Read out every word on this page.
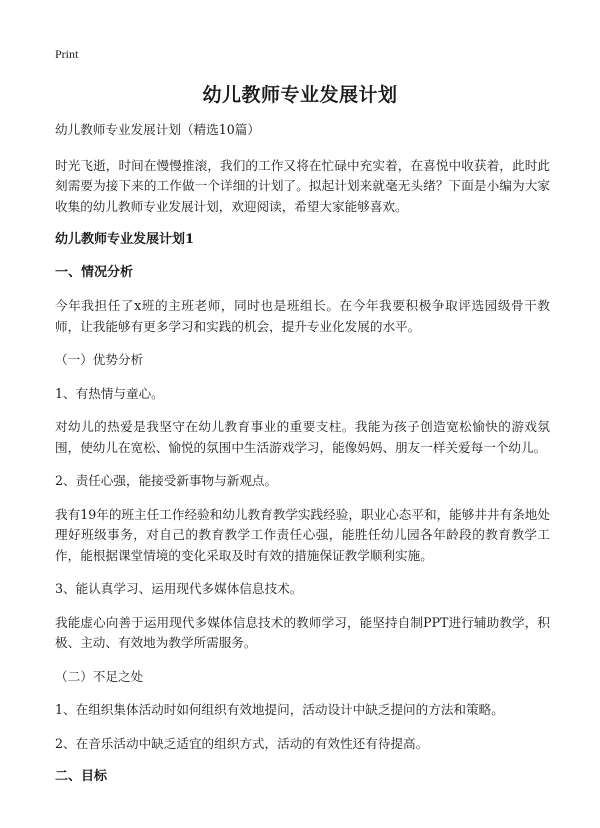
Print
幼儿教师专业发展计划

幼儿教师专业发展计划（精选10篇）

时光飞逝，时间在慢慢推滚，我们的工作又将在忙碌中充实着，在喜悦中收获着，此时此刻需要为接下来的工作做一个详细的计划了。拟起计划来就毫无头绪？下面是小编为大家收集的幼儿教师专业发展计划，欢迎阅读，希望大家能够喜欢。

幼儿教师专业发展计划1

一、情况分析

今年我担任了x班的主班老师，同时也是班组长。在今年我要积极争取评选园级骨干教师，让我能够有更多学习和实践的机会，提升专业化发展的水平。

（一）优势分析

1、有热情与童心。

对幼儿的热爱是我坚守在幼儿教育事业的重要支柱。我能为孩子创造宽松愉快的游戏氛围，使幼儿在宽松、愉悦的氛围中生活游戏学习，能像妈妈、朋友一样关爱每一个幼儿。

2、责任心强，能接受新事物与新观点。

我有19年的班主任工作经验和幼儿教育教学实践经验，职业心态平和，能够井井有条地处理好班级事务，对自己的教育教学工作责任心强，能胜任幼儿园各年龄段的教育教学工作，能根据课堂情境的变化采取及时有效的措施保证教学顺利实施。

3、能认真学习、运用现代多媒体信息技术。

我能虚心向善于运用现代多媒体信息技术的教师学习，能坚持自制PPT进行辅助教学，积极、主动、有效地为教学所需服务。

（二）不足之处

1、在组织集体活动时如何组织有效地提问，活动设计中缺乏提问的方法和策略。

2、在音乐活动中缺乏适宜的组织方式，活动的有效性还有待提高。

二、目标
